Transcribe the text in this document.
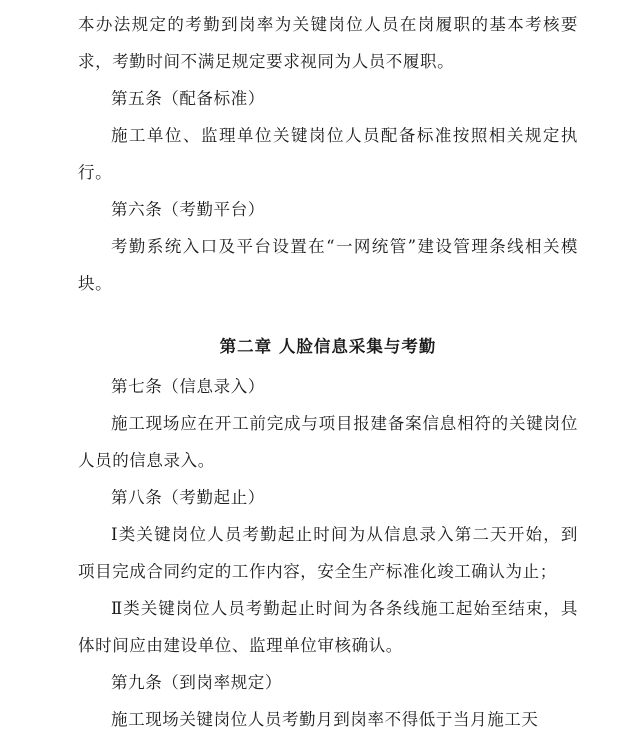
本办法规定的考勤到岗率为关键岗位人员在岗履职的基本考核要求，考勤时间不满足规定要求视同为人员不履职。

第五条（配备标准）

施工单位、监理单位关键岗位人员配备标准按照相关规定执行。

第六条（考勤平台）

考勤系统入口及平台设置在“一网统管”建设管理条线相关模块。

第二章 人脸信息采集与考勤

第七条（信息录入）

施工现场应在开工前完成与项目报建备案信息相符的关键岗位人员的信息录入。

第八条（考勤起止）

Ⅰ类关键岗位人员考勤起止时间为从信息录入第二天开始，到项目完成合同约定的工作内容，安全生产标准化竣工确认为止；

Ⅱ类关键岗位人员考勤起止时间为各条线施工起始至结束，具体时间应由建设单位、监理单位审核确认。

第九条（到岗率规定）

施工现场关键岗位人员考勤月到岗率不得低于当月施工天
